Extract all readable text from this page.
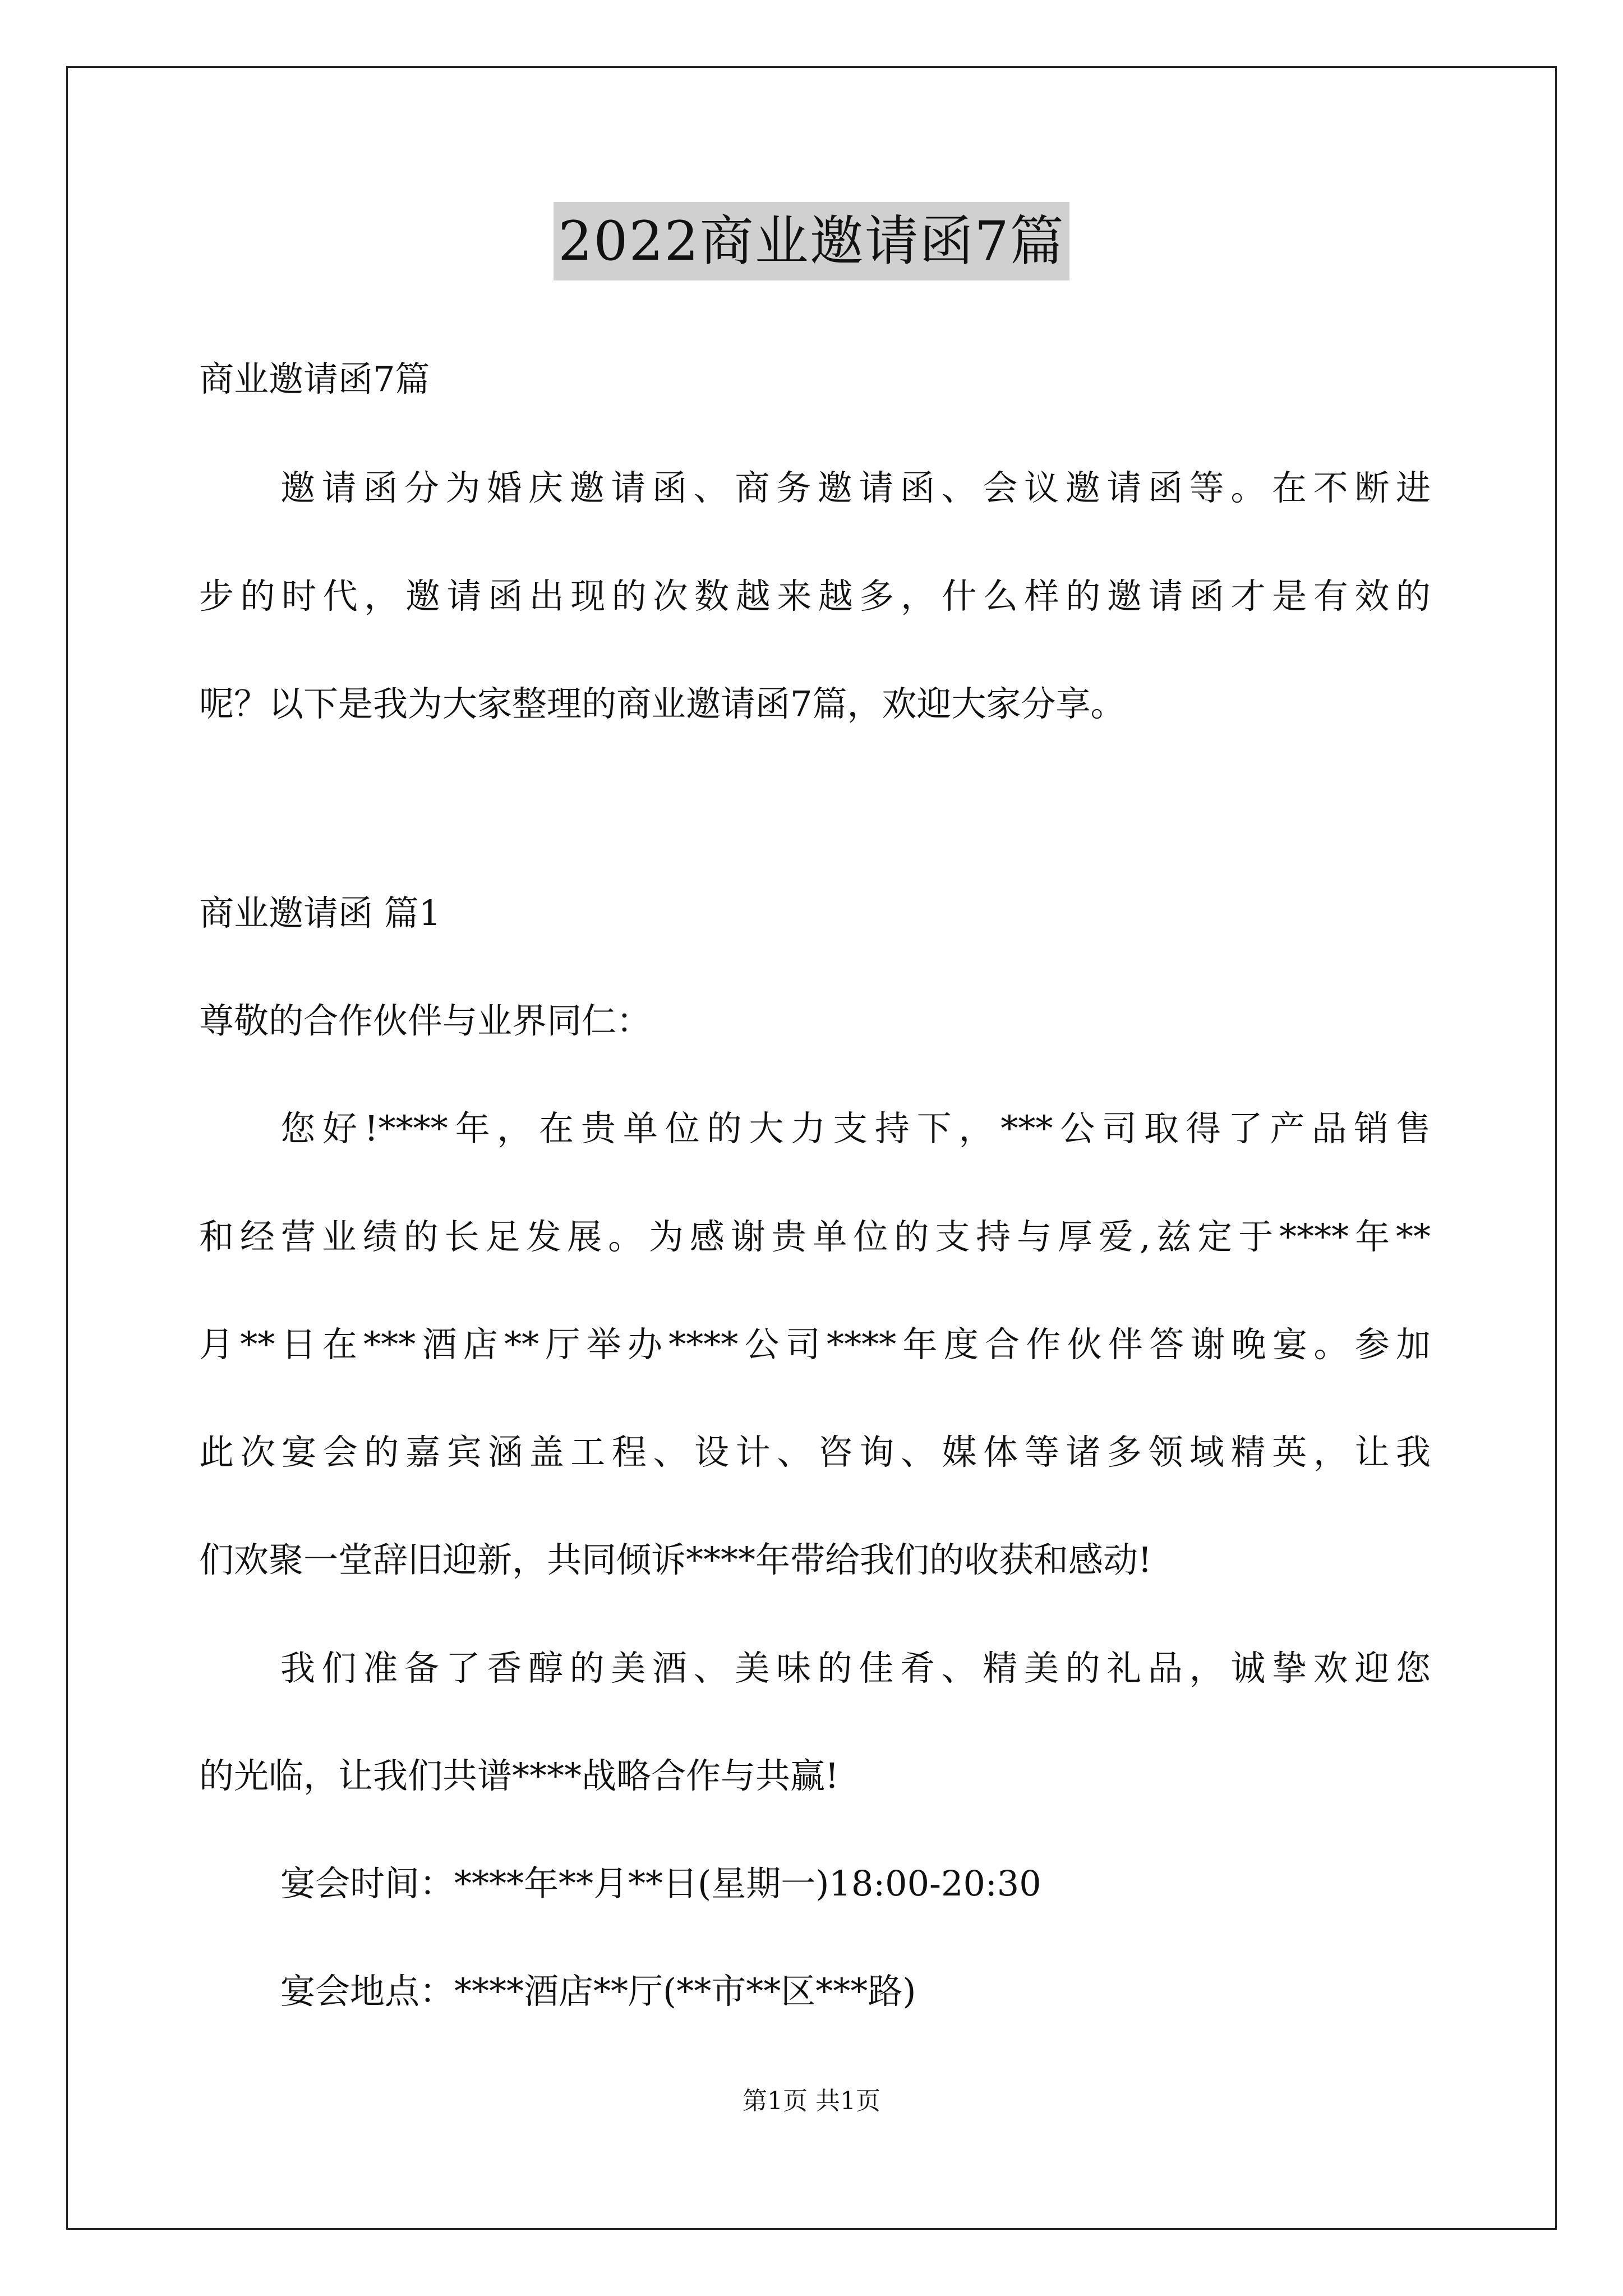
2022商业邀请函7篇
商业邀请函7篇
邀请函分为婚庆邀请函、商务邀请函、会议邀请函等。在不断进
步的时代，邀请函出现的次数越来越多，什么样的邀请函才是有效的
呢？以下是我为大家整理的商业邀请函7篇，欢迎大家分享。
商业邀请函 篇1
尊敬的合作伙伴与业界同仁：
您好!****年，在贵单位的大力支持下，***公司取得了产品销售
和经营业绩的长足发展。为感谢贵单位的支持与厚爱,兹定于****年**
月**日在***酒店**厅举办****公司****年度合作伙伴答谢晚宴。参加
此次宴会的嘉宾涵盖工程、设计、咨询、媒体等诸多领域精英，让我
们欢聚一堂辞旧迎新，共同倾诉****年带给我们的收获和感动!
我们准备了香醇的美酒、美味的佳肴、精美的礼品，诚挚欢迎您
的光临，让我们共谱****战略合作与共赢!
宴会时间：****年**月**日(星期一)18:00-20:30
宴会地点：****酒店**厅(**市**区***路)
第1页 共1页
